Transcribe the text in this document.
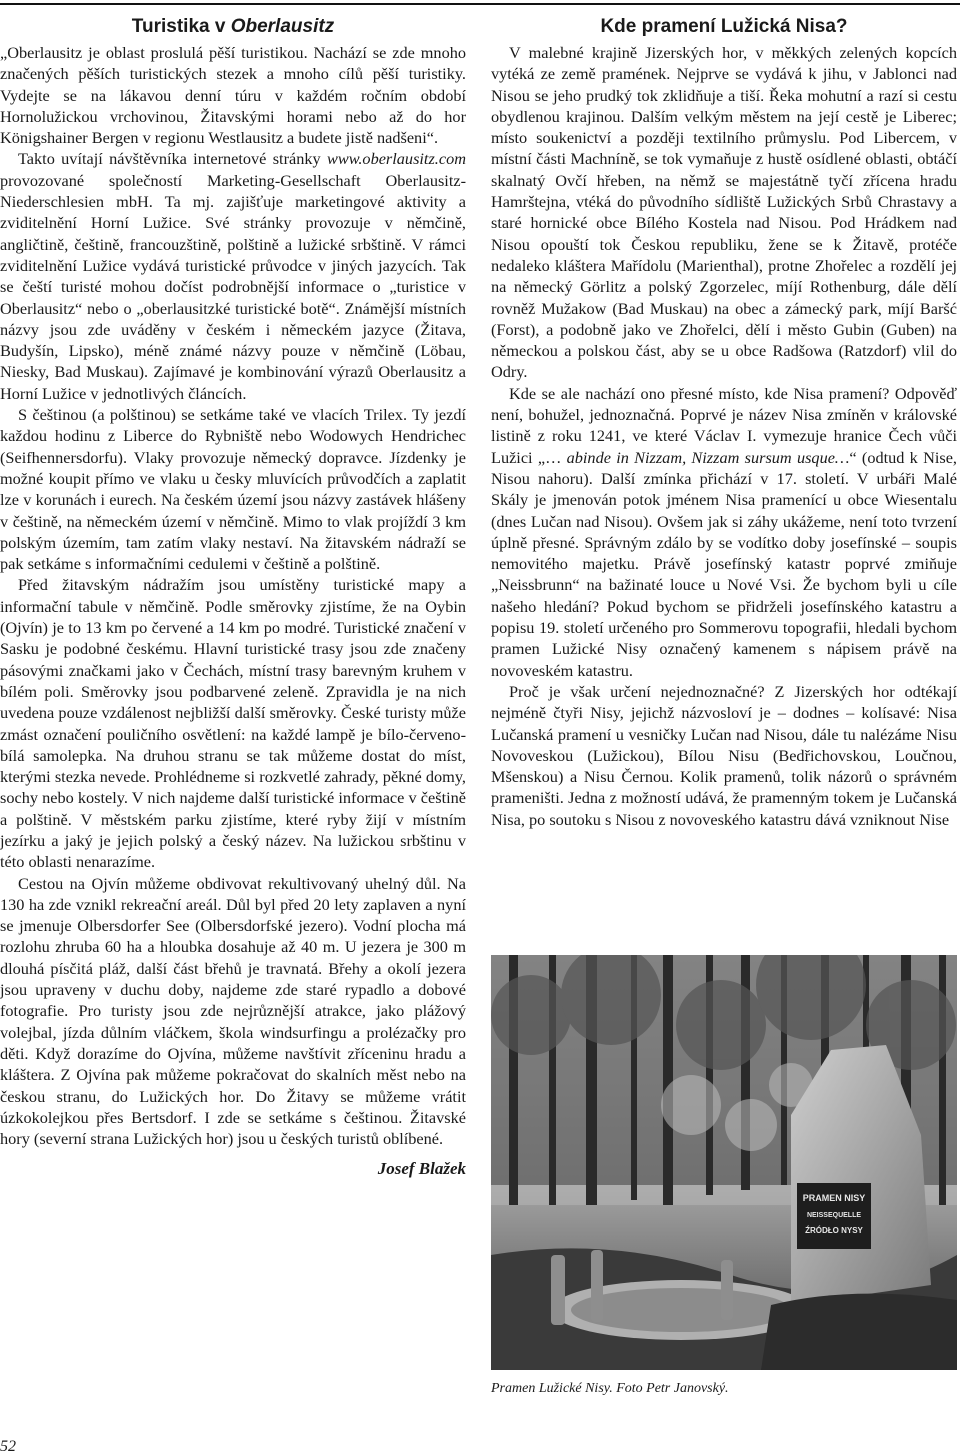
Turistika v Oberlausitz

„Oberlausitz je oblast proslulá pěší turistikou. Nachází se zde mnoho značených pěších turistických stezek a mnoho cílů pěší turistiky. Vydejte se na lákavou denní túru v každém ročním období Hornolužickou vrchovinou, Žitavskými horami nebo až do hor Königshainer Bergen v regionu Westlausitz a budete jistě nadšeni“.

Takto uvítají návštěvníka internetové stránky www.oberlausitz.com provozované společností Marketing-Gesellschaft Oberlausitz-Niederschlesien mbH. Ta mj. zajišťuje marketingové aktivity a zviditelnění Horní Lužice. Své stránky provozuje v němčině, angličtině, češtině, francouzštině, polštině a lužické srbštině. V rámci zviditelnění Lužice vydává turistické průvodce v jiných jazycích. Tak se čeští turisté mohou dočíst podrobnější informace o „turistice v Oberlausitz“ nebo o „oberlausitzké turistické botě“. Známější místních názvy jsou zde uváděny v českém i německém jazyce (Žitava, Budyšín, Lipsko), méně známé názvy pouze v němčině (Löbau, Niesky, Bad Muskau). Zajímavé je kombinování výrazů Oberlausitz a Horní Lužice v jednotlivých článcích.

S češtinou (a polštinou) se setkáme také ve vlacích Trilex. Ty jezdí každou hodinu z Liberce do Rybniště nebo Wodowych Hendrichec (Seifhennersdorfu). Vlaky provozuje německý dopravce. Jízdenky je možné koupit přímo ve vlaku u česky mluvících průvodčích a zaplatit lze v korunách i eurech. Na českém území jsou názvy zastávek hlášeny v češtině, na německém území v němčině. Mimo to vlak projíždí 3 km polským územím, tam zatím vlaky nestaví. Na žitavském nádraží se pak setkáme s informačními cedulemi v češtině a polštině.

Před žitavským nádražím jsou umístěny turistické mapy a informační tabule v němčině. Podle směrovky zjistíme, že na Oybin (Ojvín) je to 13 km po červené a 14 km po modré. Turistické značení v Sasku je podobné českému. Hlavní turistické trasy jsou zde značeny pásovými značkami jako v Čechách, místní trasy barevným kruhem v bílém poli. Směrovky jsou podbarvené zeleně. Zpravidla je na nich uvedena pouze vzdálenost nejbližší další směrovky. České turisty může zmást označení pouličního osvětlení: na každé lampě je bílo-červeno-bílá samolepka. Na druhou stranu se tak můžeme dostat do míst, kterými stezka nevede. Prohlédneme si rozkvetlé zahrady, pěkné domy, sochy nebo kostely. V nich najdeme další turistické informace v češtině a polštině. V městském parku zjistíme, které ryby žijí v místním jezírku a jaký je jejich polský a český název. Na lužickou srbštinu v této oblasti nenarazíme.

Cestou na Ojvín můžeme obdivovat rekultivovaný uhelný důl. Na 130 ha zde vznikl rekreační areál. Důl byl před 20 lety zaplaven a nyní se jmenuje Olbersdorfer See (Olbersdorfské jezero). Vodní plocha má rozlohu zhruba 60 ha a hloubka dosahuje až 40 m. U jezera je 300 m dlouhá písčitá pláž, další část břehů je travnatá. Břehy a okolí jezera jsou upraveny v duchu doby, najdeme zde staré rypadlo a dobové fotografie. Pro turisty jsou zde nejrůznější atrakce, jako plážový volejbal, jízda důlním vláčkem, škola windsurfingu a prolézačky pro děti. Když dorazíme do Ojvína, můžeme navštívit zříceninu hradu a kláštera. Z Ojvína pak můžeme pokračovat do skalních měst nebo na českou stranu, do Lužických hor. Do Žitavy se můžeme vrátit úzkokolejkou přes Bertsdorf. I zde se setkáme s češtinou. Žitavské hory (severní strana Lužických hor) jsou u českých turistů oblíbené.

Josef Blažek
Kde pramení Lužická Nisa?

V malebné krajině Jizerských hor, v měkkých zelených kopcích vytéká ze země pramének. Nejprve se vydává k jihu, v Jablonci nad Nisou se jeho prudký tok zklidňuje a tiší. Řeka mohutní a razí si cestu obydlenou krajinou. Dalším velkým městem na její cestě je Liberec; místo soukenictví a později textilního průmyslu. Pod Libercem, v místní části Machníně, se tok vymaňuje z hustě osídlené oblasti, obtáčí skalnatý Ovčí hřeben, na němž se majestátně tyčí zřícena hradu Hamrštejna, vtéká do původního sídliště Lužických Srbů Chrastavy a staré hornické obce Bílého Kostela nad Nisou. Pod Hrádkem nad Nisou opouští tok Českou republiku, žene se k Žitavě, protéče nedaleko kláštera Mařídolu (Marienthal), protne Zhořelec a rozdělí jej na německý Görlitz a polský Zgorzelec, míjí Rothenburg, dále dělí rovněž Mužakow (Bad Muskau) na obec a zámecký park, míjí Baršć (Forst), a podobně jako ve Zhořelci, dělí i město Gubin (Guben) na německou a polskou část, aby se u obce Radšowa (Ratzdorf) vlil do Odry.

Kde se ale nachází ono přesné místo, kde Nisa pramení? Odpověď není, bohužel, jednoznačná. Poprvé je název Nisa zmíněn v královské listině z roku 1241, ve které Václav I. vymezuje hranice Čech vůči Lužici „… abinde in Nizzam, Nizzam sursum usque…“ (odtud k Nise, Nisou nahoru). Další zmínka přichází v 17. století. V urbáři Malé Skály je jmenován potok jménem Nisa pramenící u obce Wiesentalu (dnes Lučan nad Nisou). Ovšem jak si záhy ukážeme, není toto tvrzení úplně přesné. Správným zdálo by se vodítko doby josefínské – soupis nemovitého majetku. Právě josefínský katastr poprvé zmiňuje „Neissbrunn“ na bažinaté louce u Nové Vsi. Že bychom byli u cíle našeho hledání? Pokud bychom se přidrželi josefínského katastru a popisu 19. století určeného pro Sommerovu topografii, hledali bychom pramen Lužické Nisy označený kamenem s nápisem právě na novoveském katastru.

Proč je však určení nejednoznačné? Z Jizerských hor odtékají nejméně čtyři Nisy, jejichž názvosloví je – dodnes – kolísavé: Nisa Lučanská pramení u vesničky Lučan nad Nisou, dále tu nalézáme Nisu Novoveskou (Lužickou), Bílou Nisu (Bedřichovskou, Loučnou, Mšenskou) a Nisu Černou. Kolik pramenů, tolik názorů o správném prameništi. Jedna z možností udává, že pramenným tokem je Lučanská Nisa, po soutoku s Nisou z novoveského katastru dává vzniknout Nise

PRAMEN NISY
NEISSEQUELLE
ŹRÓDŁO NYSY
Pramen Lužické Nisy. Foto Petr Janovský.
52
